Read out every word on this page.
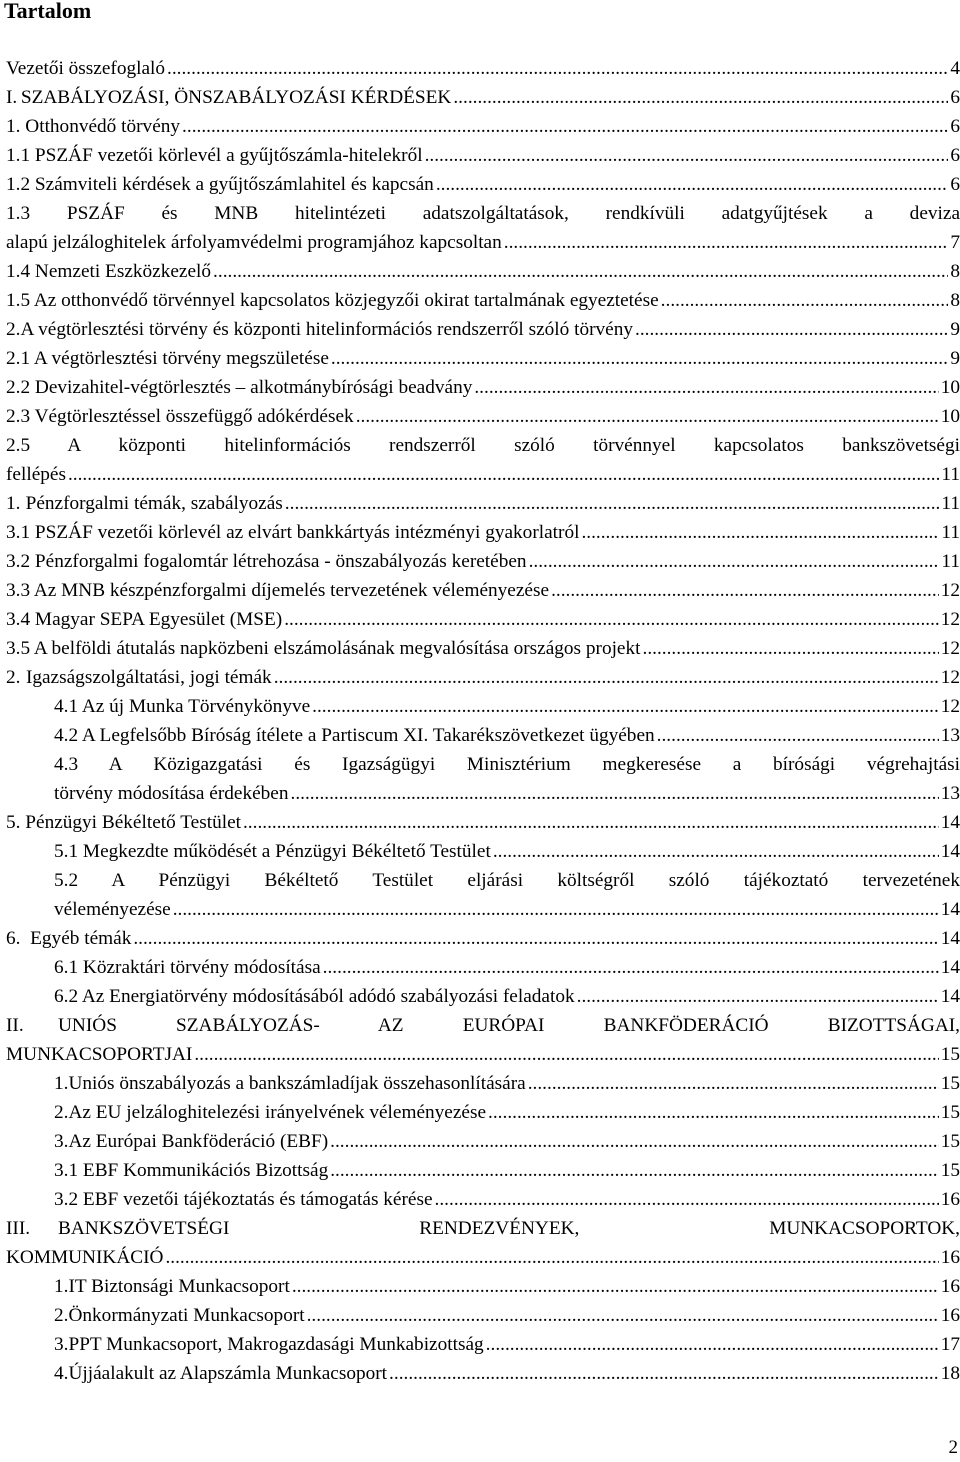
Tartalom
Vezetői összefoglaló .....	4
I. SZABÁLYOZÁSI, ÖNSZABÁLYOZÁSI KÉRDÉSEK .....	6
1. Otthonvédő törvény .....	6
1.1 PSZÁF vezetői körlevél a gyűjtőszámla-hitelekről .....	6
1.2 Számviteli kérdések a gyűjtőszámlahitel és kapcsán .....	6
1.3 PSZÁF és MNB hitelintézeti adatszolgáltatások, rendkívüli adatgyűjtések a deviza
alapú jelzáloghitelek árfolyamvédelmi programjához kapcsoltan .....	7
1.4 Nemzeti Eszközkezelő .....	8
1.5 Az otthonvédő törvénnyel kapcsolatos közjegyzői okirat tartalmának egyeztetése .....	8
2. A végtörlesztési törvény és központi hitelinformációs rendszerről szóló törvény .....	9
2.1 A végtörlesztési törvény megszületése .....	9
2.2 Devizahitel-végtörlesztés – alkotmánybírósági beadvány .....	10
2.3 Végtörlesztéssel összefüggő adókérdések .....	10
2.5 A központi hitelinformációs rendszerről szóló törvénnyel kapcsolatos bankszövetségi
fellépés .....	11
1. Pénzforgalmi témák, szabályozás .....	11
3.1 PSZÁF vezetői körlevél az elvárt bankkártyás intézményi gyakorlatról .....	11
3.2 Pénzforgalmi fogalomtár létrehozása - önszabályozás keretében .....	11
3.3 Az MNB készpénzforgalmi díjemelés tervezetének véleményezése .....	12
3.4 Magyar SEPA Egyesület (MSE) .....	12
3.5 A belföldi átutalás napközbeni elszámolásának megvalósítása országos projekt .....	12
2. Igazságszolgáltatási, jogi témák .....	12
4.1 Az új Munka Törvénykönyve .....	12
4.2 A Legfelsőbb Bíróság ítélete a Partiscum XI. Takarékszövetkezet ügyében .....	13
4.3 A Közigazgatási és Igazságügyi Minisztérium megkeresése a bírósági végrehajtási
törvény módosítása érdekében .....	13
5. Pénzügyi Békéltető Testület .....	14
5.1 Megkezdte működését a Pénzügyi Békéltető Testület .....	14
5.2 A Pénzügyi Békéltető Testület eljárási költségről szóló tájékoztató tervezetének
véleményezése .....	14
6. Egyéb témák .....	14
6.1 Közraktári törvény módosítása .....	14
6.2 Az Energiatörvény módosításából adódó szabályozási feladatok .....	14
II. UNIÓS SZABÁLYOZÁS- AZ EURÓPAI BANKFÖDERÁCIÓ BIZOTTSÁGAI,
MUNKACSOPORTJAI .....	15
1. Uniós önszabályozás a bankszámladíjak összehasonlítására .....	15
2. Az EU jelzáloghitelezési irányelvének véleményezése .....	15
3. Az Európai Bankföderáció (EBF) .....	15
3.1 EBF Kommunikációs Bizottság .....	15
3.2 EBF vezetői tájékoztatás és támogatás kérése .....	16
III. BANKSZÖVETSÉGI RENDEZVÉNYEK, MUNKACSOPORTOK,
KOMMUNIKÁCIÓ .....	16
1. IT Biztonsági Munkacsoport .....	16
2. Önkormányzati Munkacsoport .....	16
3. PPT Munkacsoport, Makrogazdasági Munkabizottság .....	17
4. Újjáalakult az Alapszámla Munkacsoport .....	18
2
